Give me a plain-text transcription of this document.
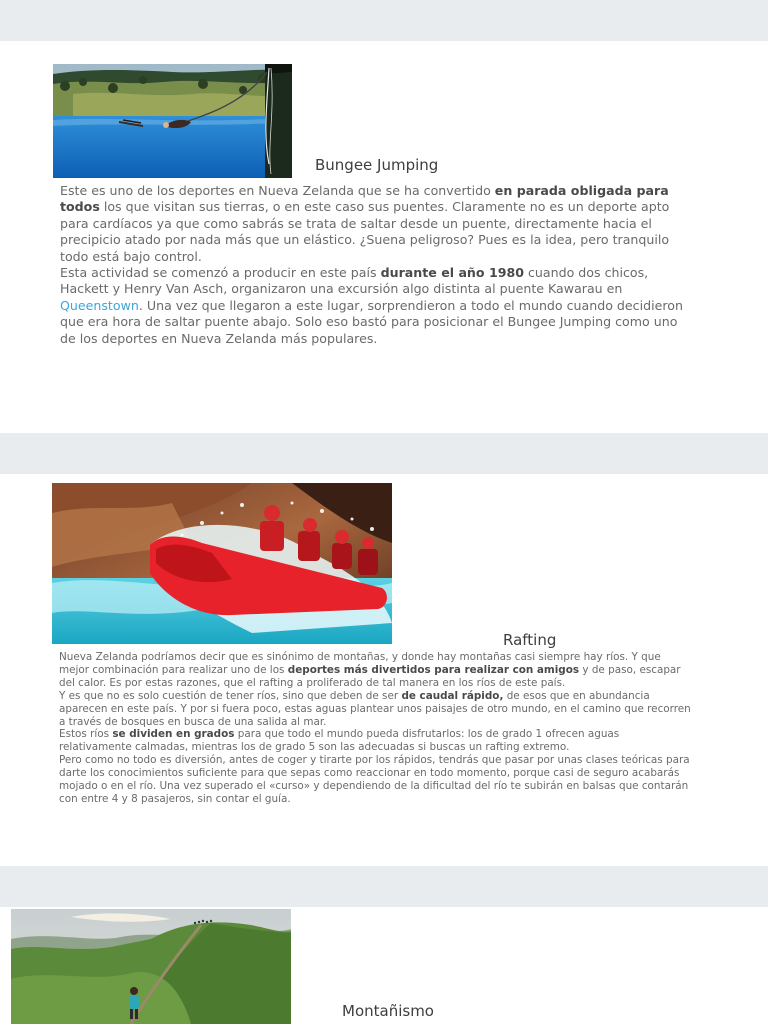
Bungee Jumping

Este es uno de los deportes en Nueva Zelanda que se ha convertido en parada obligada para todos los que visitan sus tierras, o en este caso sus puentes. Claramente no es un deporte apto para cardíacos ya que como sabrás se trata de saltar desde un puente, directamente hacia el precipicio atado por nada más que un elástico. ¿Suena peligroso? Pues es la idea, pero tranquilo todo está bajo control.

Esta actividad se comenzó a producir en este país durante el año 1980 cuando dos chicos, Hackett y Henry Van Asch, organizaron una excursión algo distinta al puente Kawarau en Queenstown. Una vez que llegaron a este lugar, sorprendieron a todo el mundo cuando decidieron que era hora de saltar puente abajo. Solo eso bastó para posicionar el Bungee Jumping como uno de los deportes en Nueva Zelanda más populares.

Rafting

Nueva Zelanda podríamos decir que es sinónimo de montañas, y donde hay montañas casi siempre hay ríos. Y que mejor combinación para realizar uno de los deportes más divertidos para realizar con amigos y de paso, escapar del calor. Es por estas razones, que el rafting a proliferado de tal manera en los ríos de este país.

Y es que no es solo cuestión de tener ríos, sino que deben de ser de caudal rápido, de esos que en abundancia aparecen en este país. Y por si fuera poco, estas aguas plantear unos paisajes de otro mundo, en el camino que recorren a través de bosques en busca de una salida al mar.

Estos ríos se dividen en grados para que todo el mundo pueda disfrutarlos: los de grado 1 ofrecen aguas relativamente calmadas, mientras los de grado 5 son las adecuadas si buscas un rafting extremo.

Pero como no todo es diversión, antes de coger y tirarte por los rápidos, tendrás que pasar por unas clases teóricas para darte los conocimientos suficiente para que sepas como reaccionar en todo momento, porque casi de seguro acabarás mojado o en el río. Una vez superado el «curso» y dependiendo de la dificultad del río te subirán en balsas que contarán con entre 4 y 8 pasajeros, sin contar el guía.

Montañismo
